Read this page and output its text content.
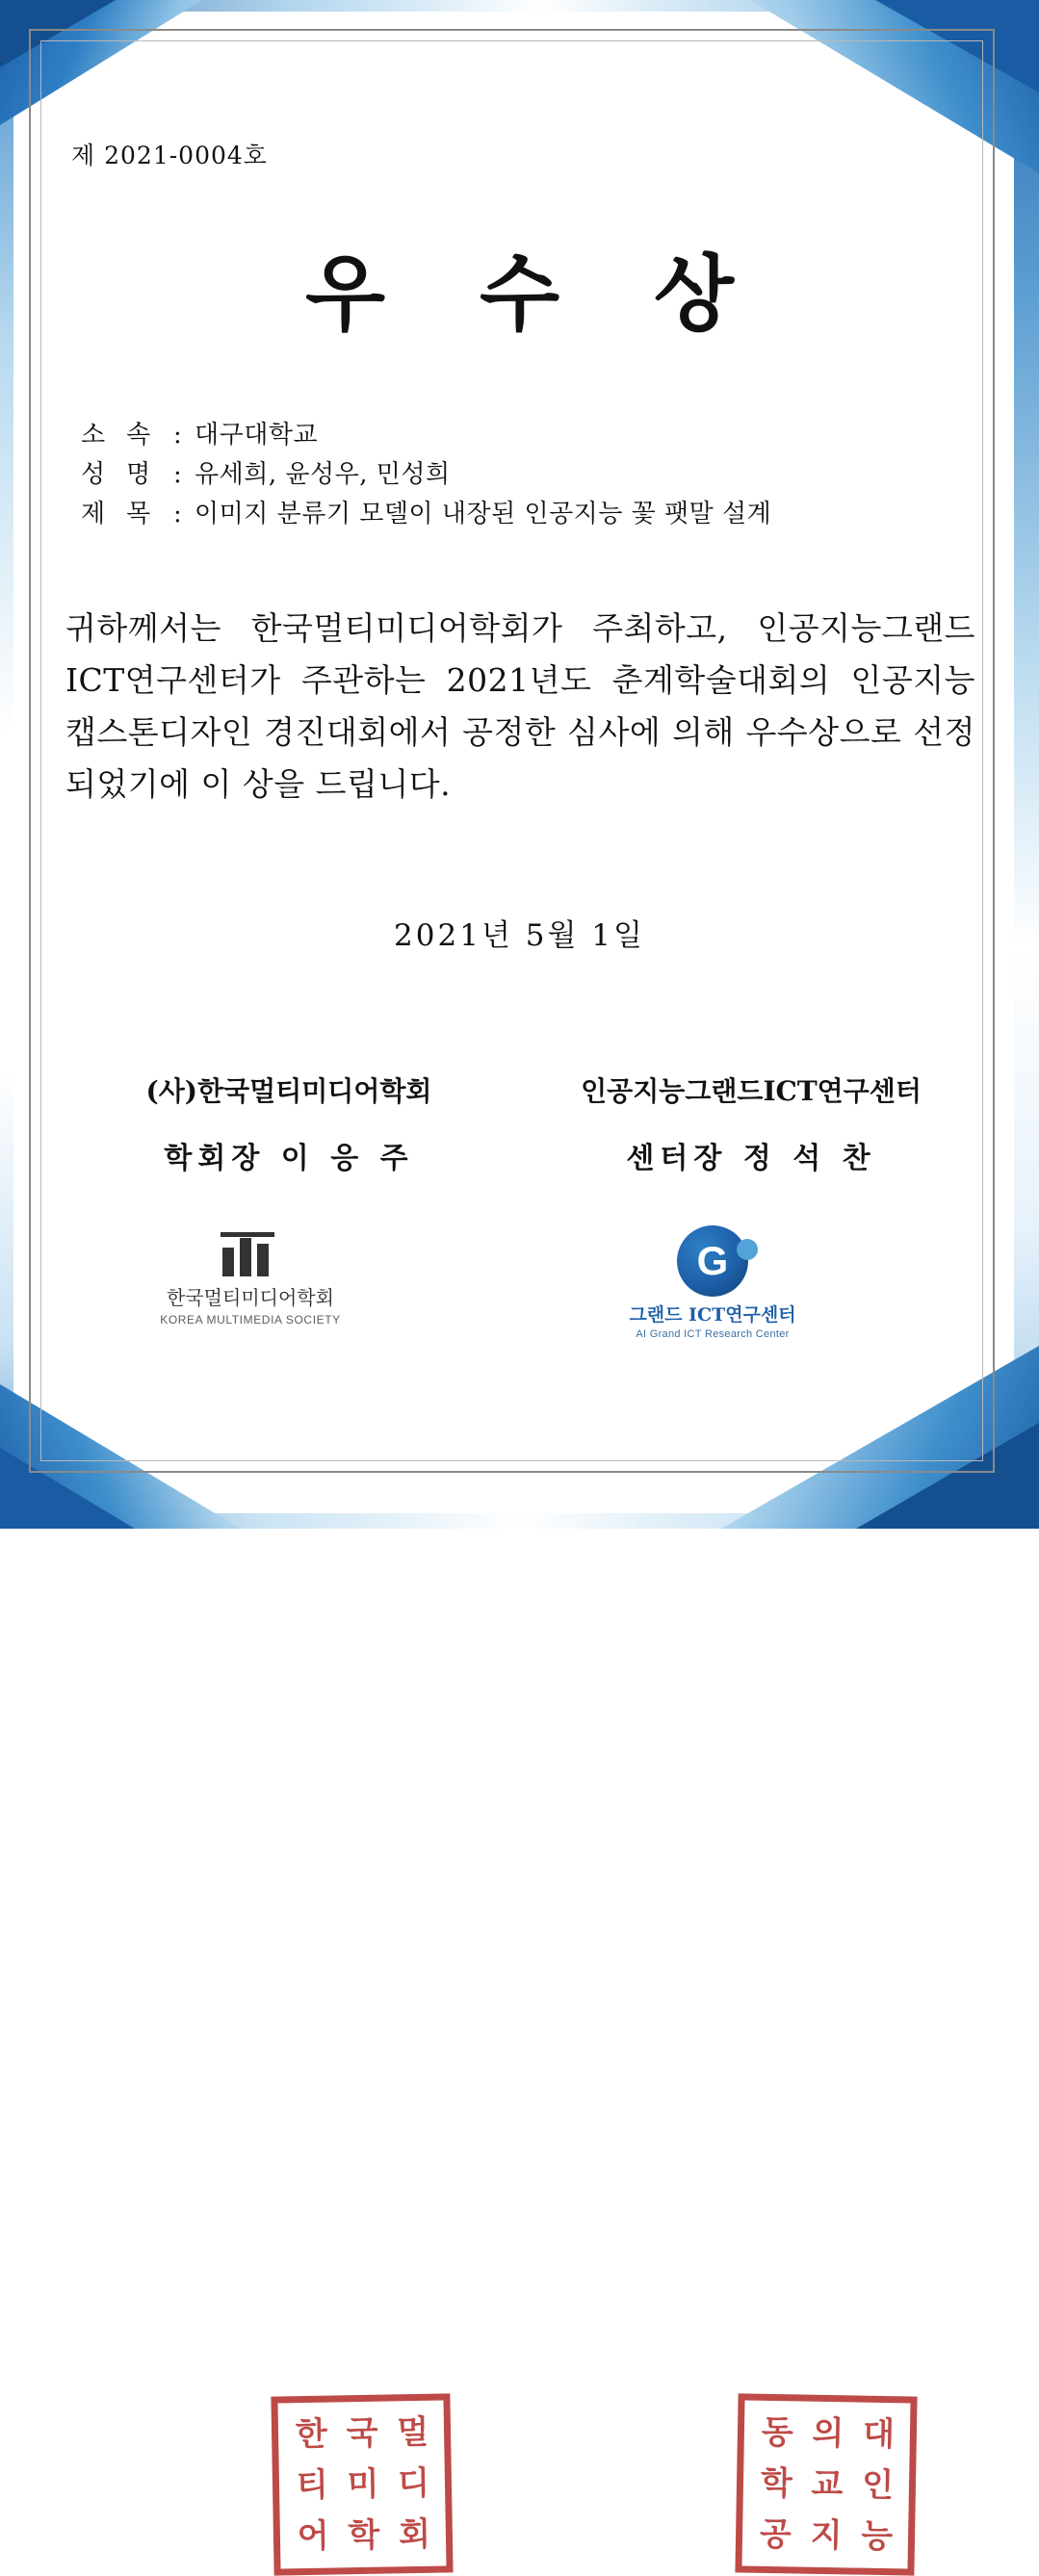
제 2021-0004호
우 수 상
소속 : 대구대학교
성명 : 유세희, 윤성우, 민성희
제목 : 이미지 분류기 모델이 내장된 인공지능 꽃 팻말 설계
귀하께서는 한국멀티미디어학회가 주최하고, 인공지능그랜드 ICT연구센터가 주관하는 2021년도 춘계학술대회의 인공지능 캡스톤디자인 경진대회에서 공정한 심사에 의해 우수상으로 선정되었기에 이 상을 드립니다.
2021년 5월 1일
(사)한국멀티미디어학회
학회장 이 응 주
인공지능그랜드ICT연구센터
센터장 정 석 찬
한국멀티미디어학회
KOREA MULTIMEDIA SOCIETY
G
그랜드 ICT연구센터
AI Grand ICT Research Center
한 국 멀
티 미 디
어 학 회
동 의 대
학 교 인
공 지 능
